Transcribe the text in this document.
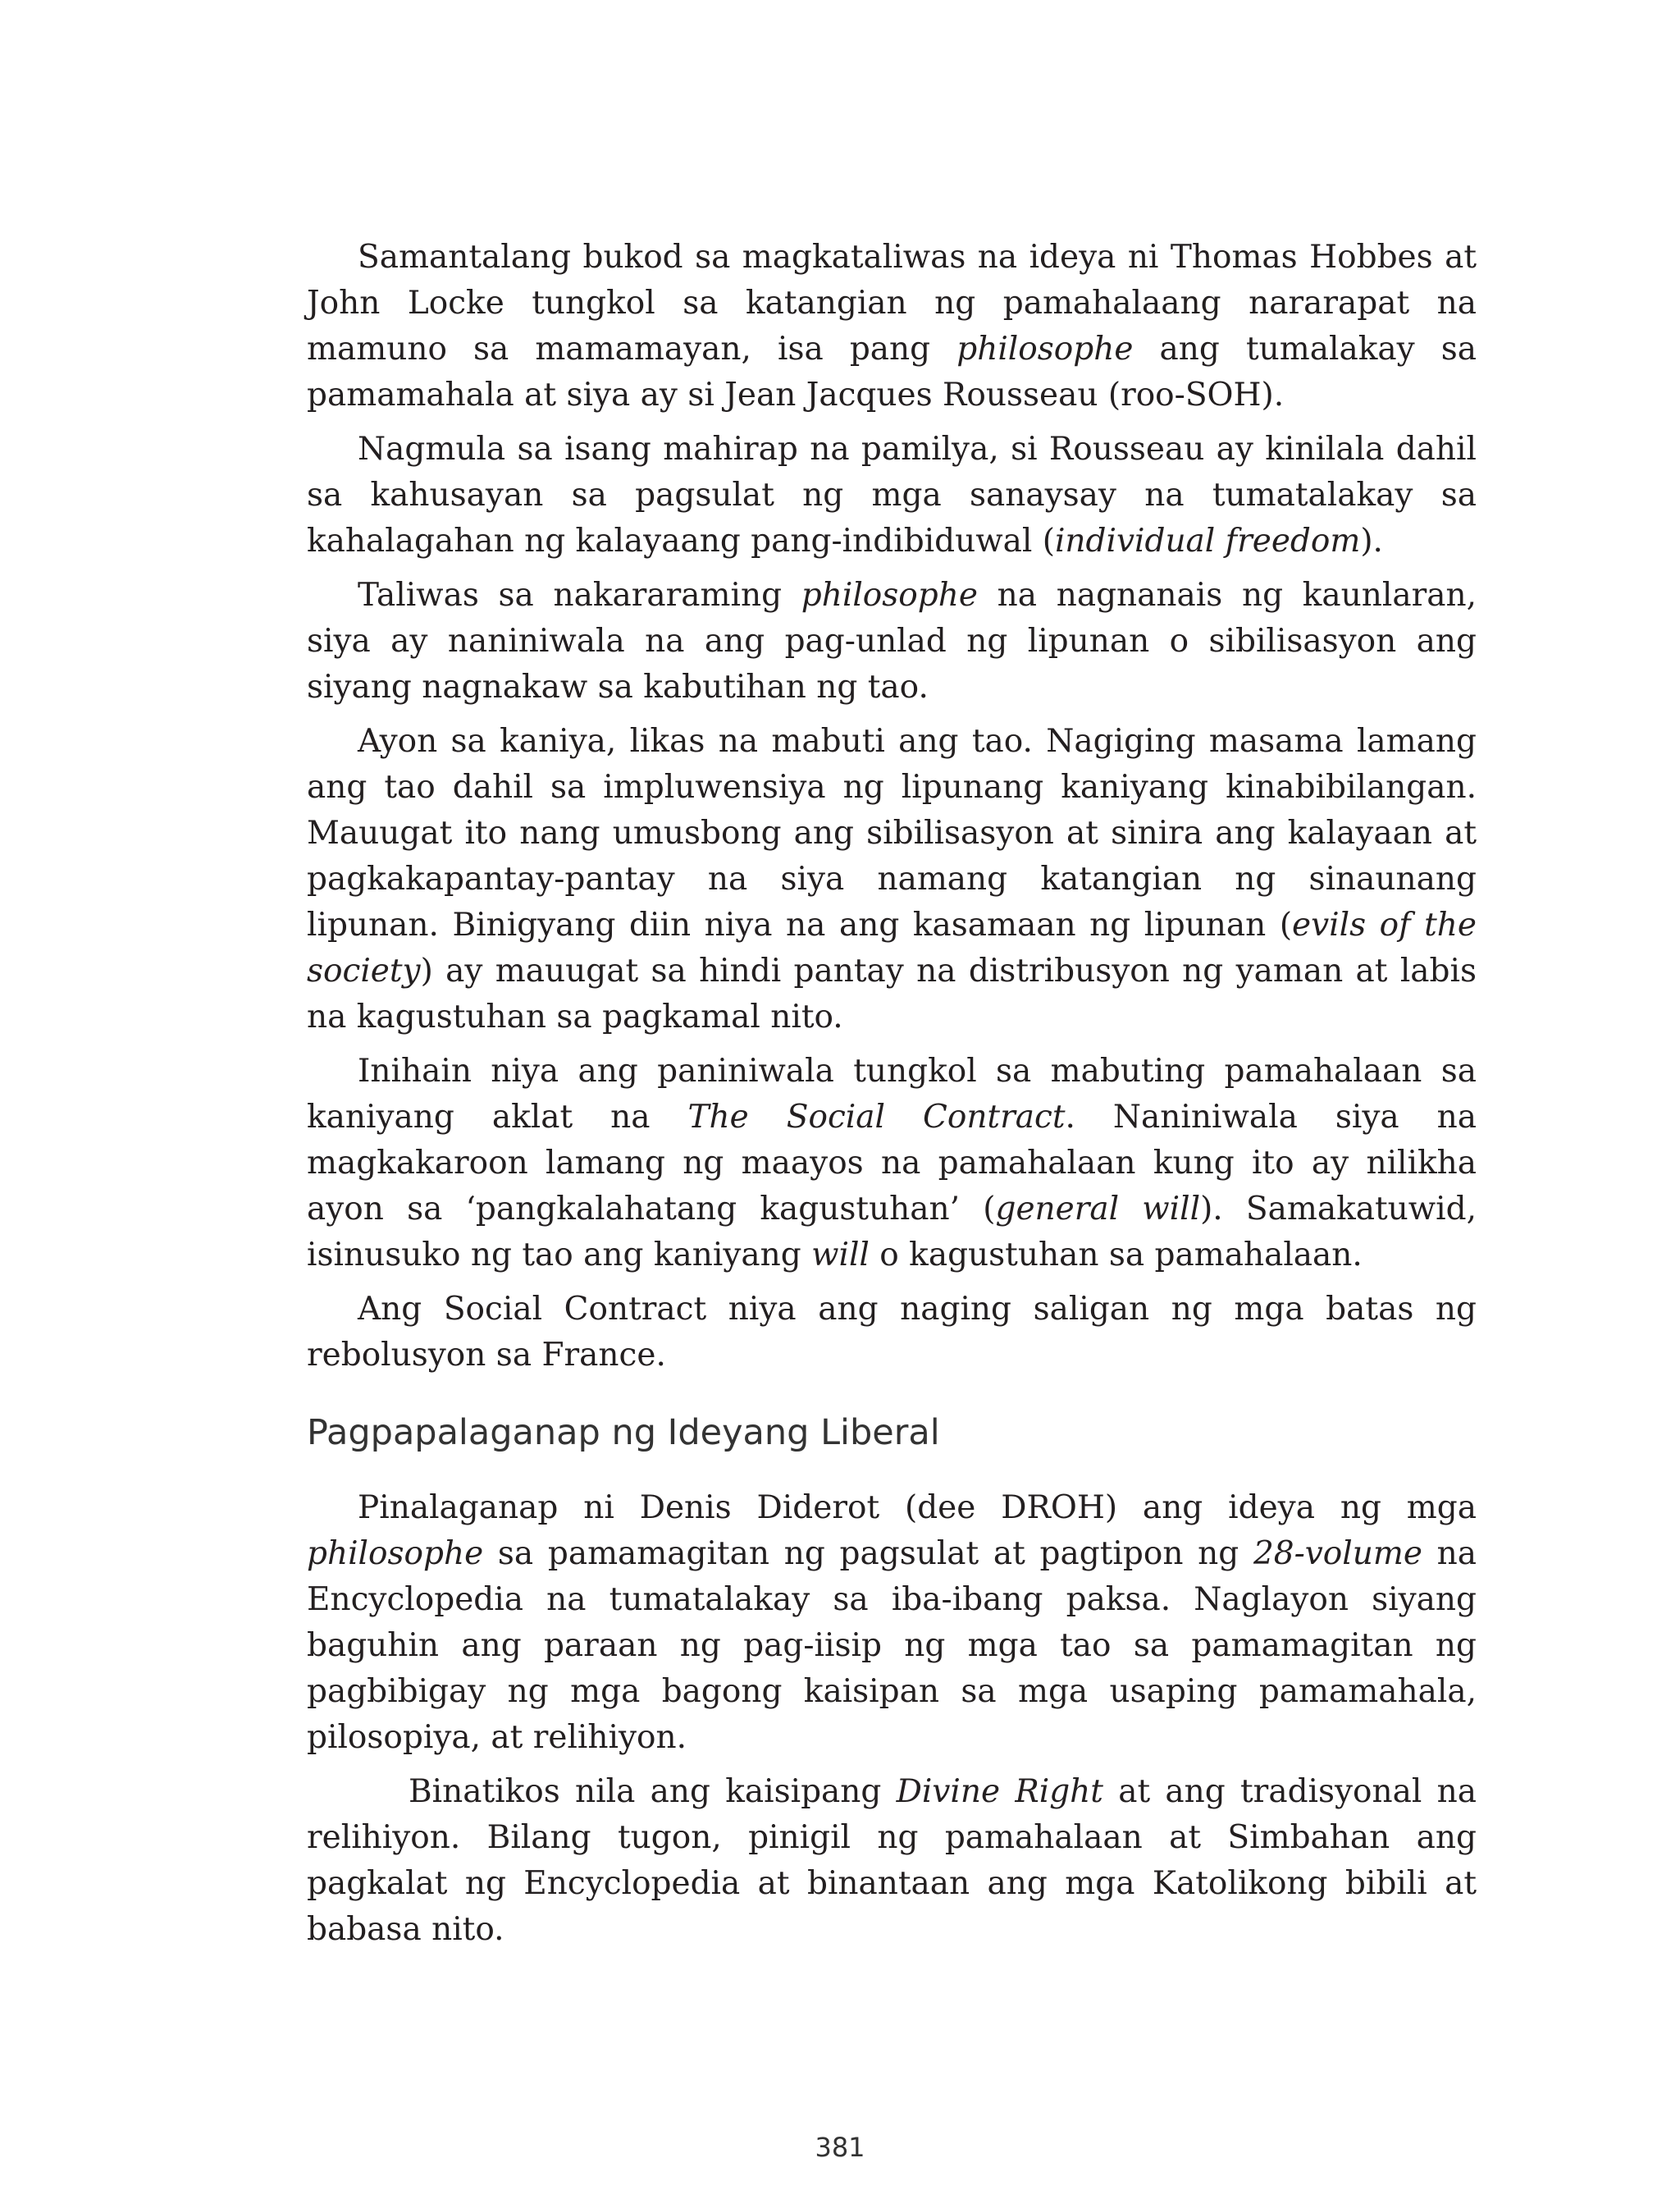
Samantalang bukod sa magkataliwas na ideya ni Thomas Hobbes at John Locke tungkol sa katangian ng pamahalaang nararapat na mamuno sa mamamayan, isa pang philosophe ang tumalakay sa pamamahala at siya ay si Jean Jacques Rousseau (roo-SOH).

Nagmula sa isang mahirap na pamilya, si Rousseau ay kinilala dahil sa kahusayan sa pagsulat ng mga sanaysay na tumatalakay sa kahalagahan ng kalayaang pang-indibiduwal (individual freedom).

Taliwas sa nakararaming philosophe na nagnanais ng kaunlaran, siya ay naniniwala na ang pag-unlad ng lipunan o sibilisasyon ang siyang nagnakaw sa kabutihan ng tao.

Ayon sa kaniya, likas na mabuti ang tao. Nagiging masama lamang ang tao dahil sa impluwensiya ng lipunang kaniyang kinabibilangan. Mauugat ito nang umusbong ang sibilisasyon at sinira ang kalayaan at pagkakapantay-pantay na siya namang katangian ng sinaunang lipunan. Binigyang diin niya na ang kasamaan ng lipunan (evils of the society) ay mauugat sa hindi pantay na distribusyon ng yaman at labis na kagustuhan sa pagkamal nito.

Inihain niya ang paniniwala tungkol sa mabuting pamahalaan sa kaniyang aklat na The Social Contract. Naniniwala siya na magkakaroon lamang ng maayos na pamahalaan kung ito ay nilikha ayon sa ‘pangkalahatang kagustuhan’ (general will). Samakatuwid, isinusuko ng tao ang kaniyang will o kagustuhan sa pamahalaan.

Ang Social Contract niya ang naging saligan ng mga batas ng rebolusyon sa France.

Pagpapalaganap ng Ideyang Liberal

Pinalaganap ni Denis Diderot (dee DROH) ang ideya ng mga philosophe sa pamamagitan ng pagsulat at pagtipon ng 28-volume na Encyclopedia na tumatalakay sa iba-ibang paksa. Naglayon siyang baguhin ang paraan ng pag-iisip ng mga tao sa pamamagitan ng pagbibigay ng mga bagong kaisipan sa mga usaping pamamahala, pilosopiya, at relihiyon.

Binatikos nila ang kaisipang Divine Right at ang tradisyonal na relihiyon. Bilang tugon, pinigil ng pamahalaan at Simbahan ang pagkalat ng Encyclopedia at binantaan ang mga Katolikong bibili at babasa nito.

381
